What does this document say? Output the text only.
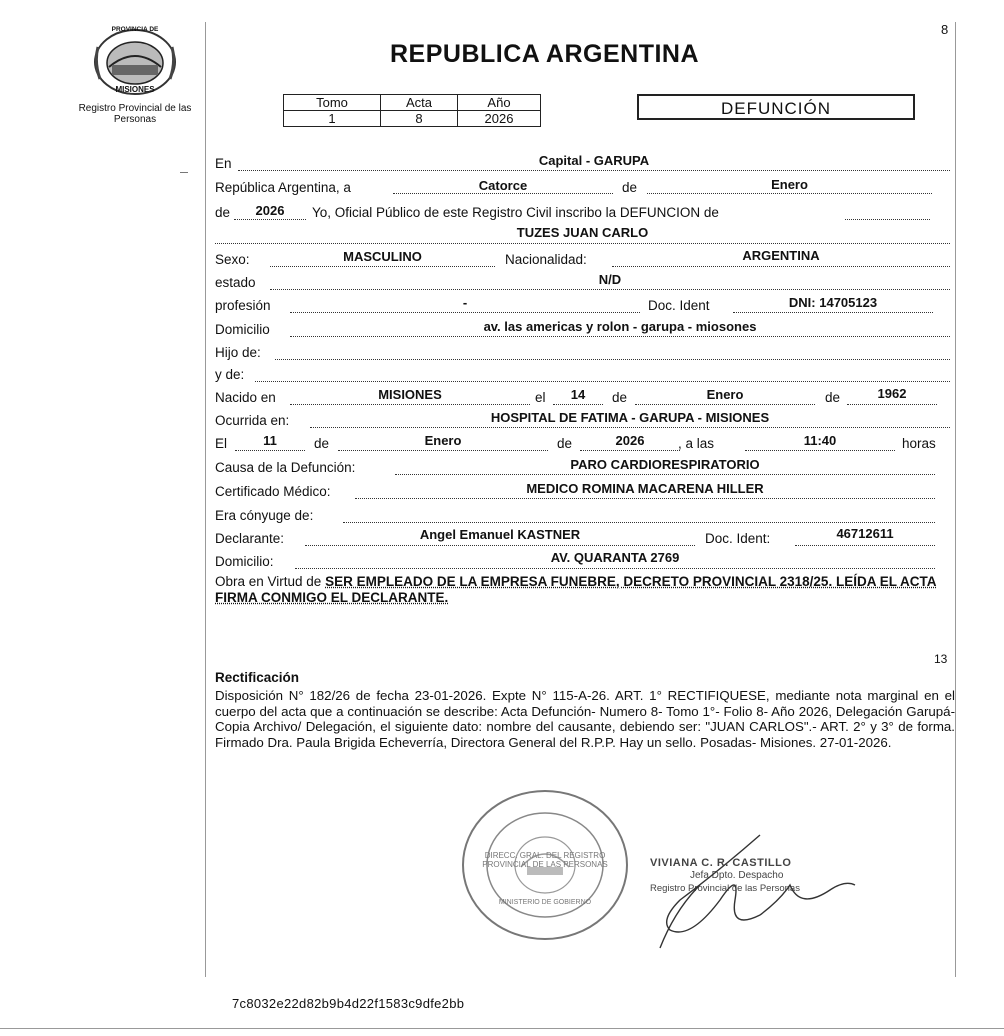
8
PROVINCIA DE
MISIONES
Registro Provincial de las Personas
REPUBLICA ARGENTINA
Tomo	Acta	Año
1	8	2026
DEFUNCIÓN
En	Capital - GARUPA
República Argentina, a	Catorce	de	Enero
de	2026	Yo, Oficial Público de este Registro Civil inscribo la DEFUNCION de
TUZES JUAN CARLO
Sexo:	MASCULINO	Nacionalidad:	ARGENTINA
estado	N/D
profesión	-	Doc. Ident	DNI: 14705123
Domicilio	av. las americas y rolon - garupa - miosones
Hijo de:
y de:
Nacido en	MISIONES	el	14	de	Enero	de	1962
Ocurrida en:	HOSPITAL DE FATIMA - GARUPA - MISIONES
El	11	de	Enero	de	2026	, a las	11:40	horas
Causa de la Defunción:	PARO CARDIORESPIRATORIO
Certificado Médico:	MEDICO ROMINA MACARENA HILLER
Era cónyuge de:
Declarante:	Angel Emanuel KASTNER	Doc. Ident:	46712611
Domicilio:	AV. QUARANTA 2769
Obra en Virtud de SER EMPLEADO DE LA EMPRESA FUNEBRE, DECRETO PROVINCIAL 2318/25. LEÍDA EL ACTA FIRMA CONMIGO EL DECLARANTE.
13
Rectificación
Disposición N° 182/26 de fecha 23-01-2026. Expte N° 115-A-26. ART. 1° RECTIFIQUESE, mediante nota marginal en el cuerpo del acta que a continuación se describe: Acta Defunción- Numero 8- Tomo 1°- Folio 8- Año 2026, Delegación Garupá- Copia Archivo/ Delegación, el siguiente dato: nombre del causante, debiendo ser: "JUAN CARLOS".- ART. 2° y 3° de forma. Firmado Dra. Paula Brigida Echeverría, Directora General del R.P.P. Hay un sello. Posadas- Misiones. 27-01-2026.
DIRECC. GRAL. DEL REGISTRO PROVINCIAL DE LAS PERSONAS
MINISTERIO DE GOBIERNO
VIVIANA C. R. CASTILLO
Jefa Dpto. Despacho
Registro Provincial de las Personas
7c8032e22d82b9b4d22f1583c9dfe2bb
